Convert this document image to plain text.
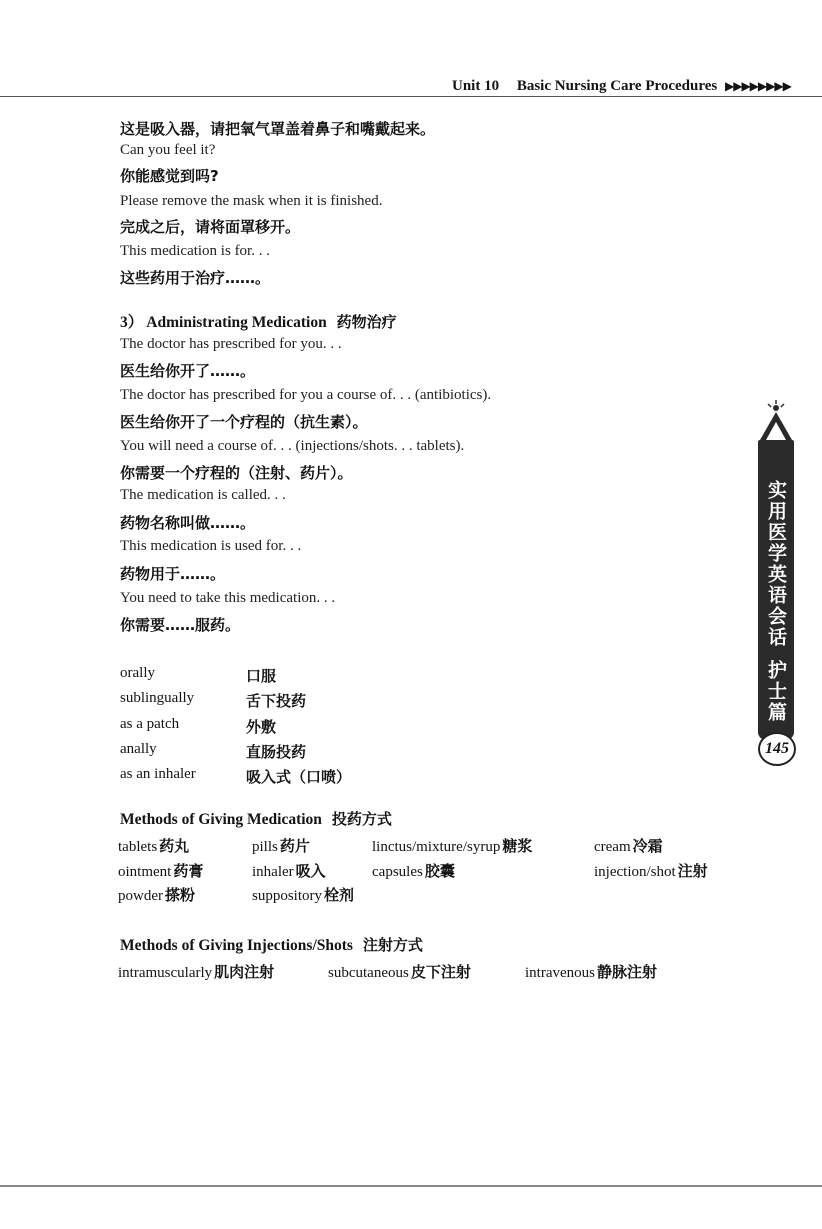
Unit 10 Basic Nursing Care Procedures ▶▶▶▶▶▶▶▶
这是吸入器，请把氧气罩盖着鼻子和嘴戴起来。
Can you feel it?
你能感觉到吗?
Please remove the mask when it is finished.
完成之后，请将面罩移开。
This medication is for. . .
这些药用于治疗……。
3） Administrating Medication 药物治疗
The doctor has prescribed for you. . .
医生给你开了……。
The doctor has prescribed for you a course of. . . (antibiotics).
医生给你开了一个疗程的（抗生素）。
You will need a course of. . . (injections/shots. . . tablets).
你需要一个疗程的（注射、药片）。
The medication is called. . .
药物名称叫做……。
This medication is used for. . .
药物用于……。
You need to take this medication. . .
你需要……服药。
orally	口服
sublingually	舌下投药
as a patch	外敷
anally	直肠投药
as an inhaler	吸入式（口喷）
Methods of Giving Medication 投药方式
tablets 药丸	pills 药片	linctus/mixture/syrup 糖浆	cream 冷霜
ointment 药膏	inhaler 吸入	capsules 胶囊	injection/shot 注射
powder 搽粉	suppository 栓剂
Methods of Giving Injections/Shots 注射方式
intramuscularly 肌肉注射	subcutaneous 皮下注射	intravenous 静脉注射
实用医学英语会话
护士篇
145
